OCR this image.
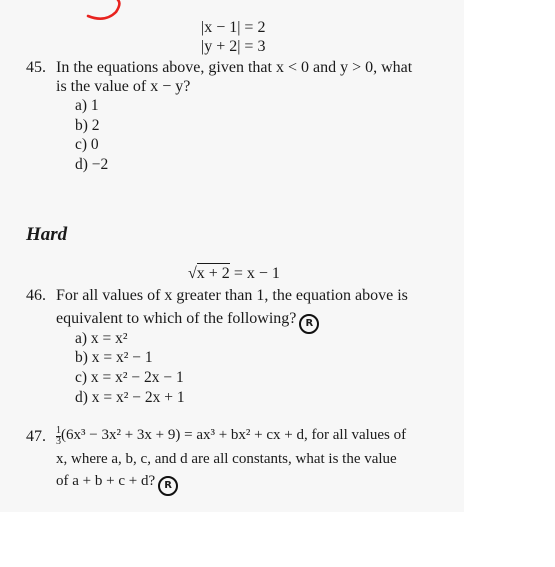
|x − 1| = 2
|y + 2| = 3
45. In the equations above, given that x < 0 and y > 0, what
is the value of x − y?
a) 1
b) 2
c) 0
d) −2
Hard
√x + 2 = x − 1
46. For all values of x greater than 1, the equation above is
equivalent to which of the following? R
a) x = x²
b) x = x² − 1
c) x = x² − 2x − 1
d) x = x² − 2x + 1
47. $\frac{1}{3} (6x^3 - 3x^2 + 3x + 9) = ax^3 + bx^2$ + cx + d, for all values of
x, where a, b, c, and d are all constants, what is the value
of a + b + c + d? R
